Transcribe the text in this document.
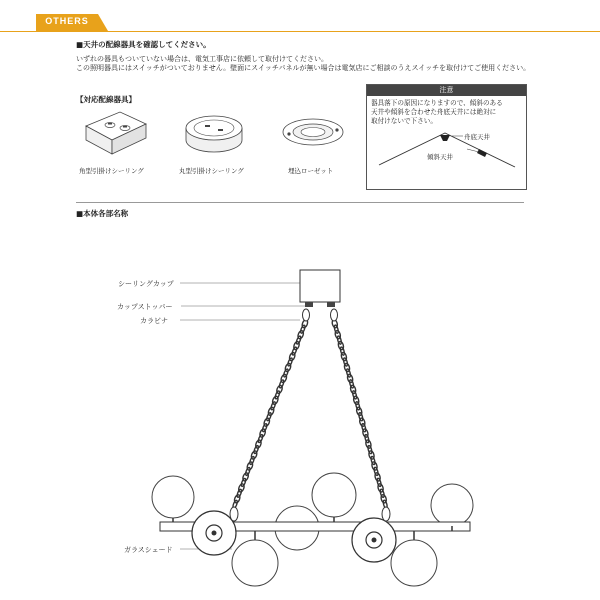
OTHERS
■天井の配線器具を確認してください。
いずれの器具もついていない場合は、電気工事店に依頼して取付けてください。
この照明器具にはスイッチがついておりません。壁面にスイッチパネルが無い場合は電気店にご相談のうえスイッチを取付けてご使用ください。
【対応配線器具】
角型引掛けシーリング	丸型引掛けシーリング	埋込ローゼット
注意
器具落下の原因になりますので、傾斜のある
天井や傾斜を合わせた舟底天井には絶対に
取付けないで下さい。
舟底天井
傾斜天井
■本体各部名称
シーリングカップ
カップストッパー
カラビナ
ガラスシェード
